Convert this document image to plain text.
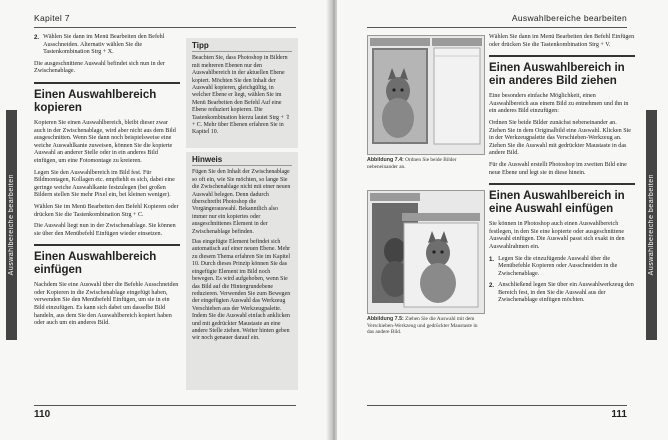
Kapitel 7
Auswahlbereiche bearbeiten
2. Wählen Sie dann im Menü Bearbeiten den Befehl Ausschneiden. Alternativ wählen Sie die Tastenkombination Strg + X.

Die ausgeschnittene Auswahl befindet sich nun in der Zwischenablage.

Einen Auswahlbereich kopieren

Kopieren Sie einen Auswahlbereich, bleibt dieser zwar auch in der Zwischenablage, wird aber nicht aus dem Bild ausgeschnitten. Wenn Sie dann noch beispielsweise eine weiche Auswahlkante zuweisen, können Sie die kopierte Auswahl an anderer Stelle oder in ein anderes Bild einfügen, um eine Fotomontage zu kreieren.

Legen Sie den Auswahlbereich im Bild fest. Für Bildmontagen, Kollagen etc. empfiehlt es sich, dabei eine geringe weiche Auswahlkante festzulegen (bei großen Bildern stellen Sie mehr Pixel ein, bei kleinen weniger).

Wählen Sie im Menü Bearbeiten den Befehl Kopieren oder drücken Sie die Tastenkombination Strg + C.

Die Auswahl liegt nun in der Zwischenablage. Sie können sie über den Menübefehl Einfügen wieder einsetzen.

Einen Auswahlbereich einfügen

Nachdem Sie eine Auswahl über die Befehle Ausschneiden oder Kopieren in die Zwischenablage eingefügt haben, verwenden Sie den Menübefehl Einfügen, um sie in ein Bild einzufügen. Es kann sich dabei um dasselbe Bild handeln, aus dem Sie den Auswahlbereich kopiert haben oder auch um ein anderes Bild.

Tipp

Beachten Sie, dass Photoshop in Bildern mit mehreren Ebenen nur den Auswahlbereich in der aktuellen Ebene kopiert. Möchten Sie den Inhalt der Auswahl kopieren, gleichgültig, in welcher Ebene er liegt, wählen Sie im Menü Bearbeiten den Befehl Auf eine Ebene reduziert kopieren. Die Tastenkombination hierzu lautet Strg + ⇧ + C. Mehr über Ebenen erfahren Sie in Kapitel 10.

Hinweis

Fügen Sie den Inhalt der Zwischenablage so oft ein, wie Sie möchten, so lange Sie die Zwischenablage nicht mit einer neuen Auswahl belegen. Denn dadurch überschreibt Photoshop die Vorgängerauswahl. Bekanntlich also immer nur ein kopiertes oder ausgeschnittenes Element in der Zwischenablage befinden.

Das eingefügte Element befindet sich automatisch auf einer neuen Ebene. Mehr zu diesem Thema erfahren Sie im Kapitel 10. Durch dieses Prinzip können Sie das eingefügte Element im Bild noch bewegen. Es wird aufgehoben, wenn Sie das Bild auf die Hintergrundebene reduzieren. Verwenden Sie zum Bewegen der eingefügten Auswahl das Werkzeug Verschieben aus der Werkzeugpalette. Indem Sie die Auswahl einfach anklicken und mit gedrückter Maustaste an eine andere Stelle ziehen. Weiter hinten geben wir noch genauer darauf ein.

110
Auswahlbereiche bearbeiten
Auswahlbereiche bearbeiten
Abbildung 7.4: Ordnen Sie beide Bilder nebeneinander an.
Abbildung 7.5: Ziehen Sie die Auswahl mit dem Verschieben-Werkzeug und gedrückter Maustaste in das andere Bild.

Wählen Sie dann im Menü Bearbeiten den Befehl Einfügen oder drücken Sie die Tastenkombination Strg + V.

Einen Auswahlbereich in ein anderes Bild ziehen

Eine besonders einfache Möglichkeit, einen Auswahlbereich aus einem Bild zu entnehmen und ihn in ein anderes Bild einzufügen:

Ordnen Sie beide Bilder zunächst nebeneinander an. Ziehen Sie in dem Originalbild eine Auswahl. Klicken Sie in der Werkzeugpalette das Verschieben-Werkzeug an. Ziehen Sie die Auswahl mit gedrückter Maustaste in das andere Bild.

Für die Auswahl erstellt Photoshop im zweiten Bild eine neue Ebene und legt sie in diese hinein.

Einen Auswahlbereich in eine Auswahl einfügen

Sie können in Photoshop auch einen Auswahlbereich festlegen, in den Sie eine kopierte oder ausgeschnittene Auswahl einfügen. Die Auswahl passt sich exakt in den Auswahlrahmen ein.

1. Legen Sie die einzufügende Auswahl über die Menübefehle Kopieren oder Ausschneiden in die Zwischenablage.
2. Anschließend legen Sie über ein Auswahlwerkzeug den Bereich fest, in den Sie die Auswahl aus der Zwischenablage einfügen möchten.
111
